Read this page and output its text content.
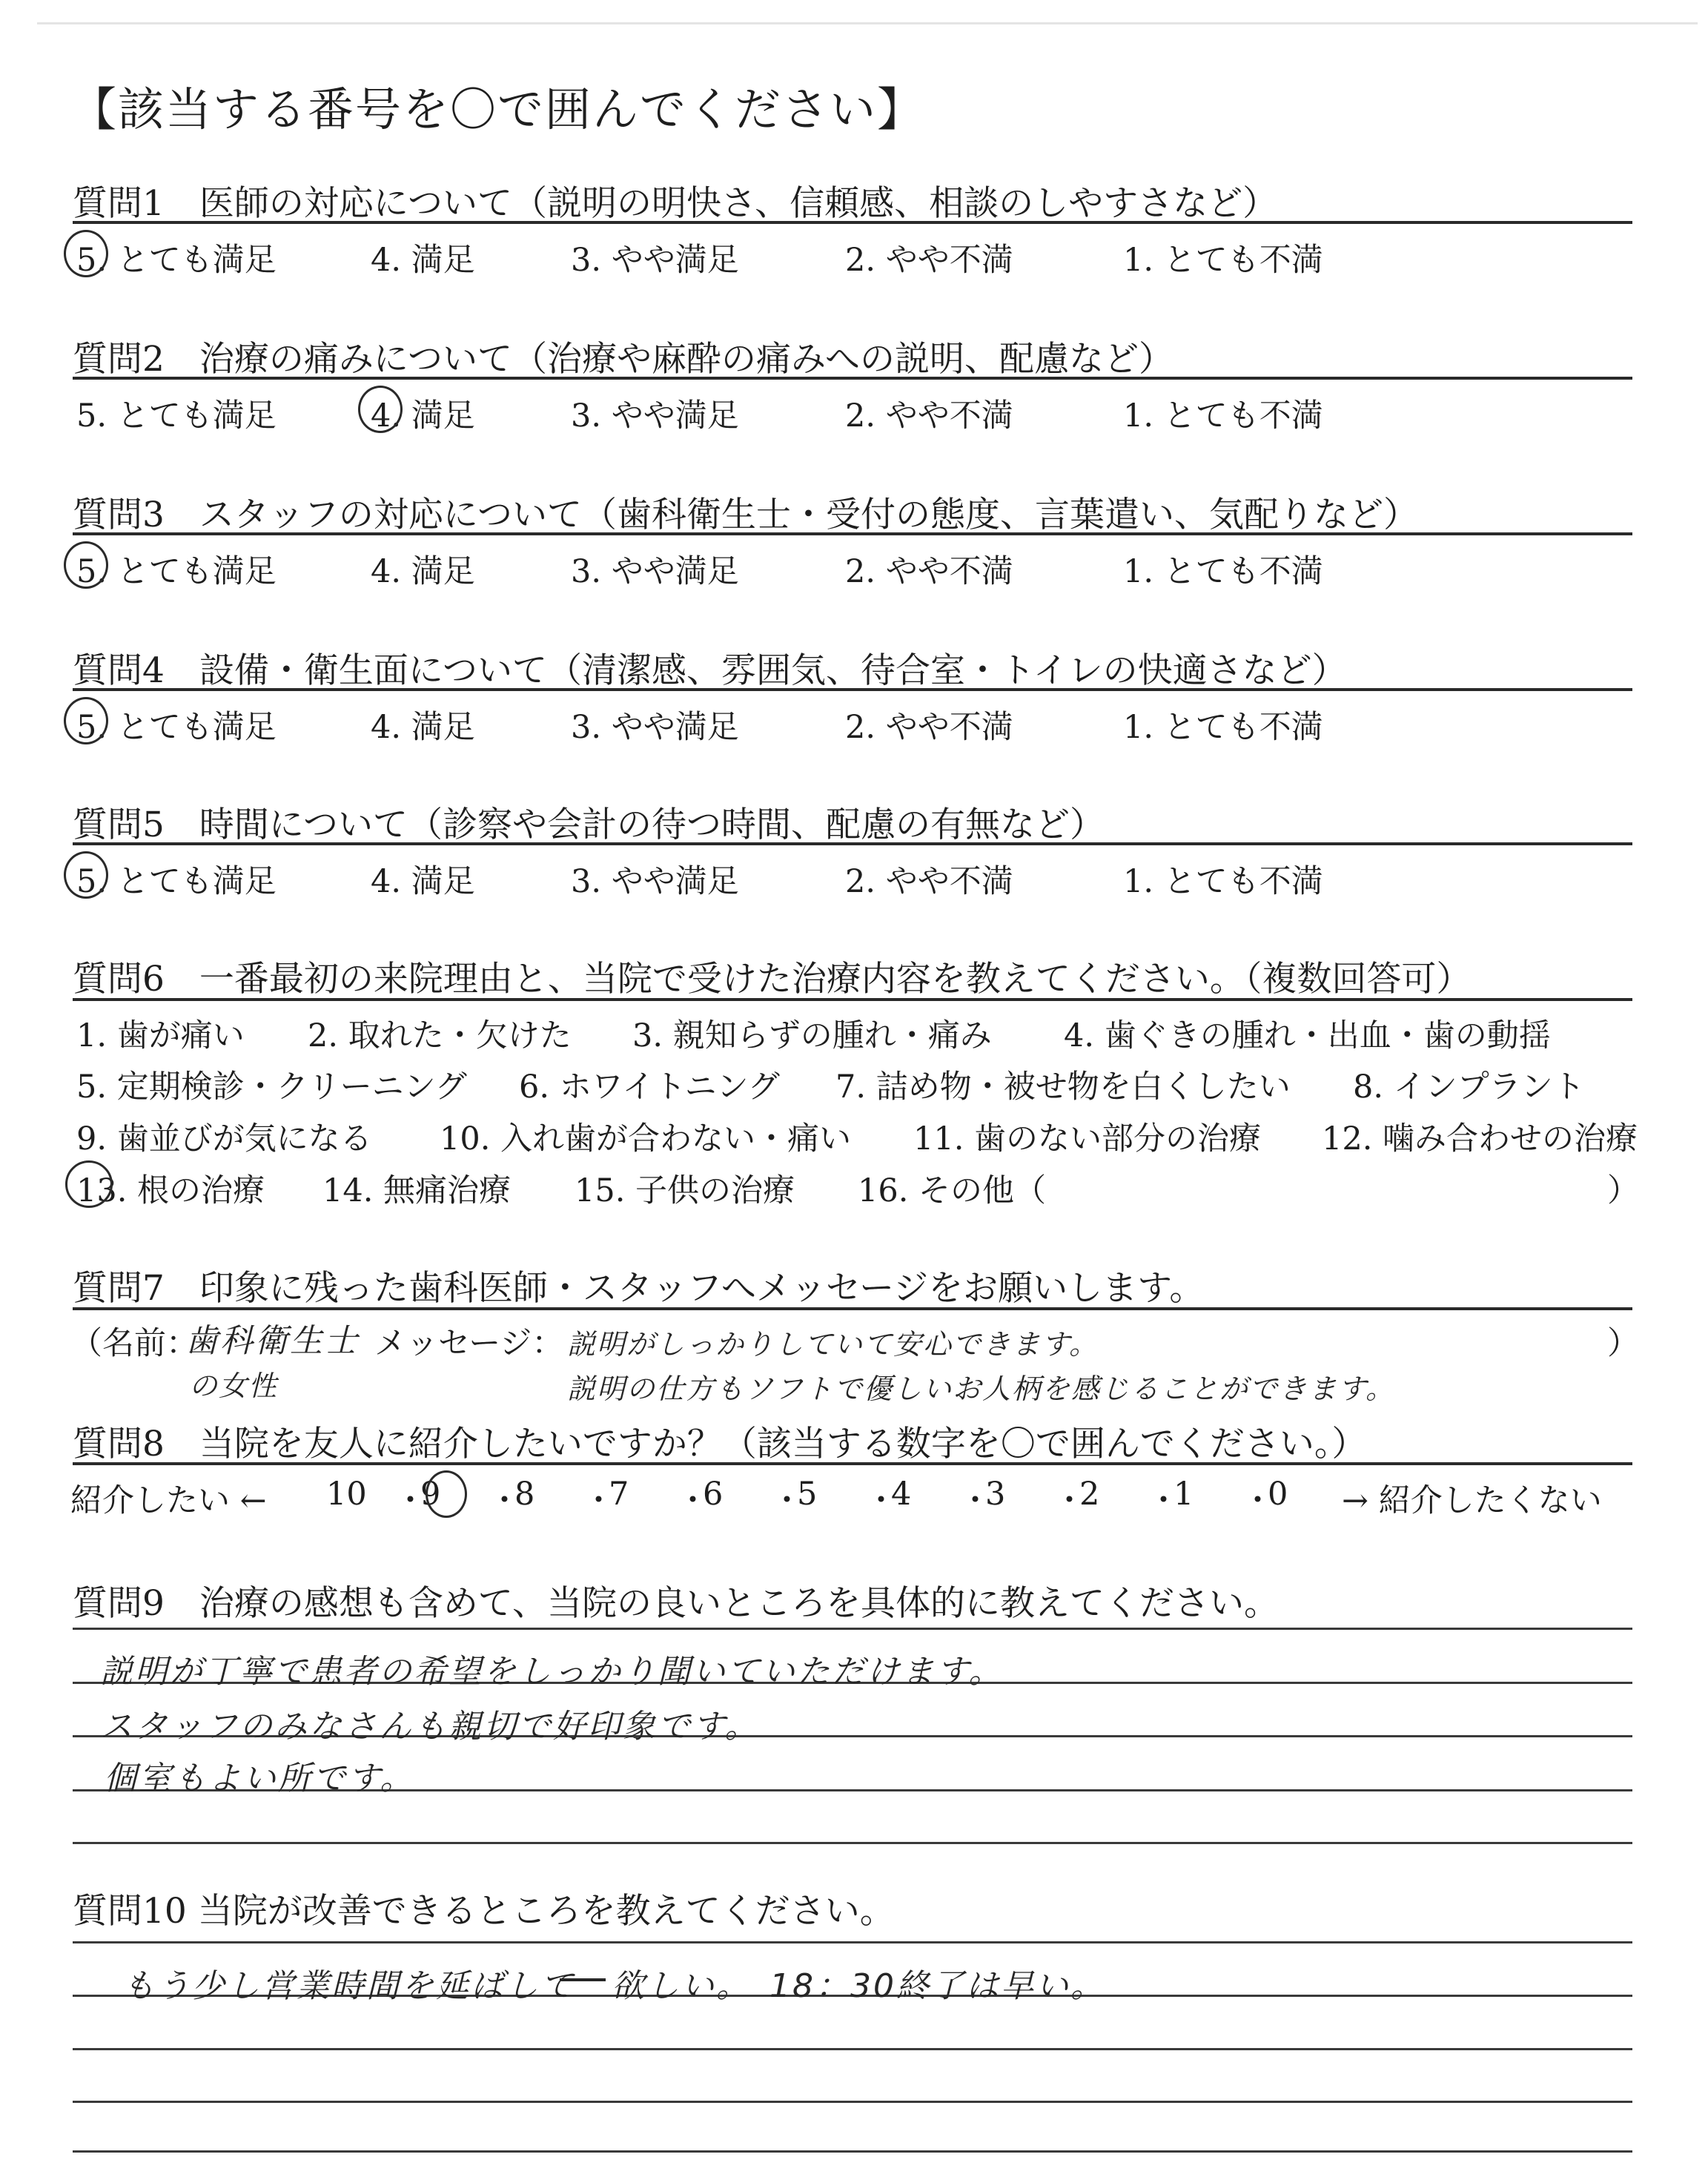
【該当する番号を〇で囲んでください】
質問1　医師の対応について（説明の明快さ、信頼感、相談のしやすさなど）
5. とても満足	4. 満足	3. やや満足	2. やや不満	1. とても不満
質問2　治療の痛みについて（治療や麻酔の痛みへの説明、配慮など）
5. とても満足	4. 満足	3. やや満足	2. やや不満	1. とても不満
質問3　スタッフの対応について（歯科衛生士・受付の態度、言葉遣い、気配りなど）
5. とても満足	4. 満足	3. やや満足	2. やや不満	1. とても不満
質問4　設備・衛生面について（清潔感、雰囲気、待合室・トイレの快適さなど）
5. とても満足	4. 満足	3. やや満足	2. やや不満	1. とても不満
質問5　時間について（診察や会計の待つ時間、配慮の有無など）
5. とても満足	4. 満足	3. やや満足	2. やや不満	1. とても不満
質問6　一番最初の来院理由と、当院で受けた治療内容を教えてください。（複数回答可）
1. 歯が痛い 2. 取れた・欠けた 3. 親知らずの腫れ・痛み 4. 歯ぐきの腫れ・出血・歯の動揺
5. 定期検診・クリーニング 6. ホワイトニング 7. 詰め物・被せ物を白くしたい 8. インプラント
9. 歯並びが気になる 10. 入れ歯が合わない・痛い 11. 歯のない部分の治療 12. 噛み合わせの治療
13. 根の治療 14. 無痛治療 15. 子供の治療 16. その他（	）
質問7　印象に残った歯科医師・スタッフへメッセージをお願いします。
（名前：
歯科衛生士
の女性
メッセージ： 説明がしっかりしていて安心できます。
説明の仕方もソフトで優しいお人柄を感じることができます。
）
質問8　当院を友人に紹介したいですか？（該当する数字を〇で囲んでください。）
紹介したい ←	→ 紹介したくない
10 ・
9 ・
8 ・
7 ・
6 ・
5 ・
4 ・
3 ・
2 ・
1 ・
0
質問9　治療の感想も含めて、当院の良いところを具体的に教えてください。
説明が丁寧で患者の希望をしっかり聞いていただけます。
スタッフのみなさんも親切で好印象です。
個室もよい所です。
質問10 当院が改善できるところを教えてください。
もう少し営業時間を延ばして 欲しい。　18：30終了は早い。
